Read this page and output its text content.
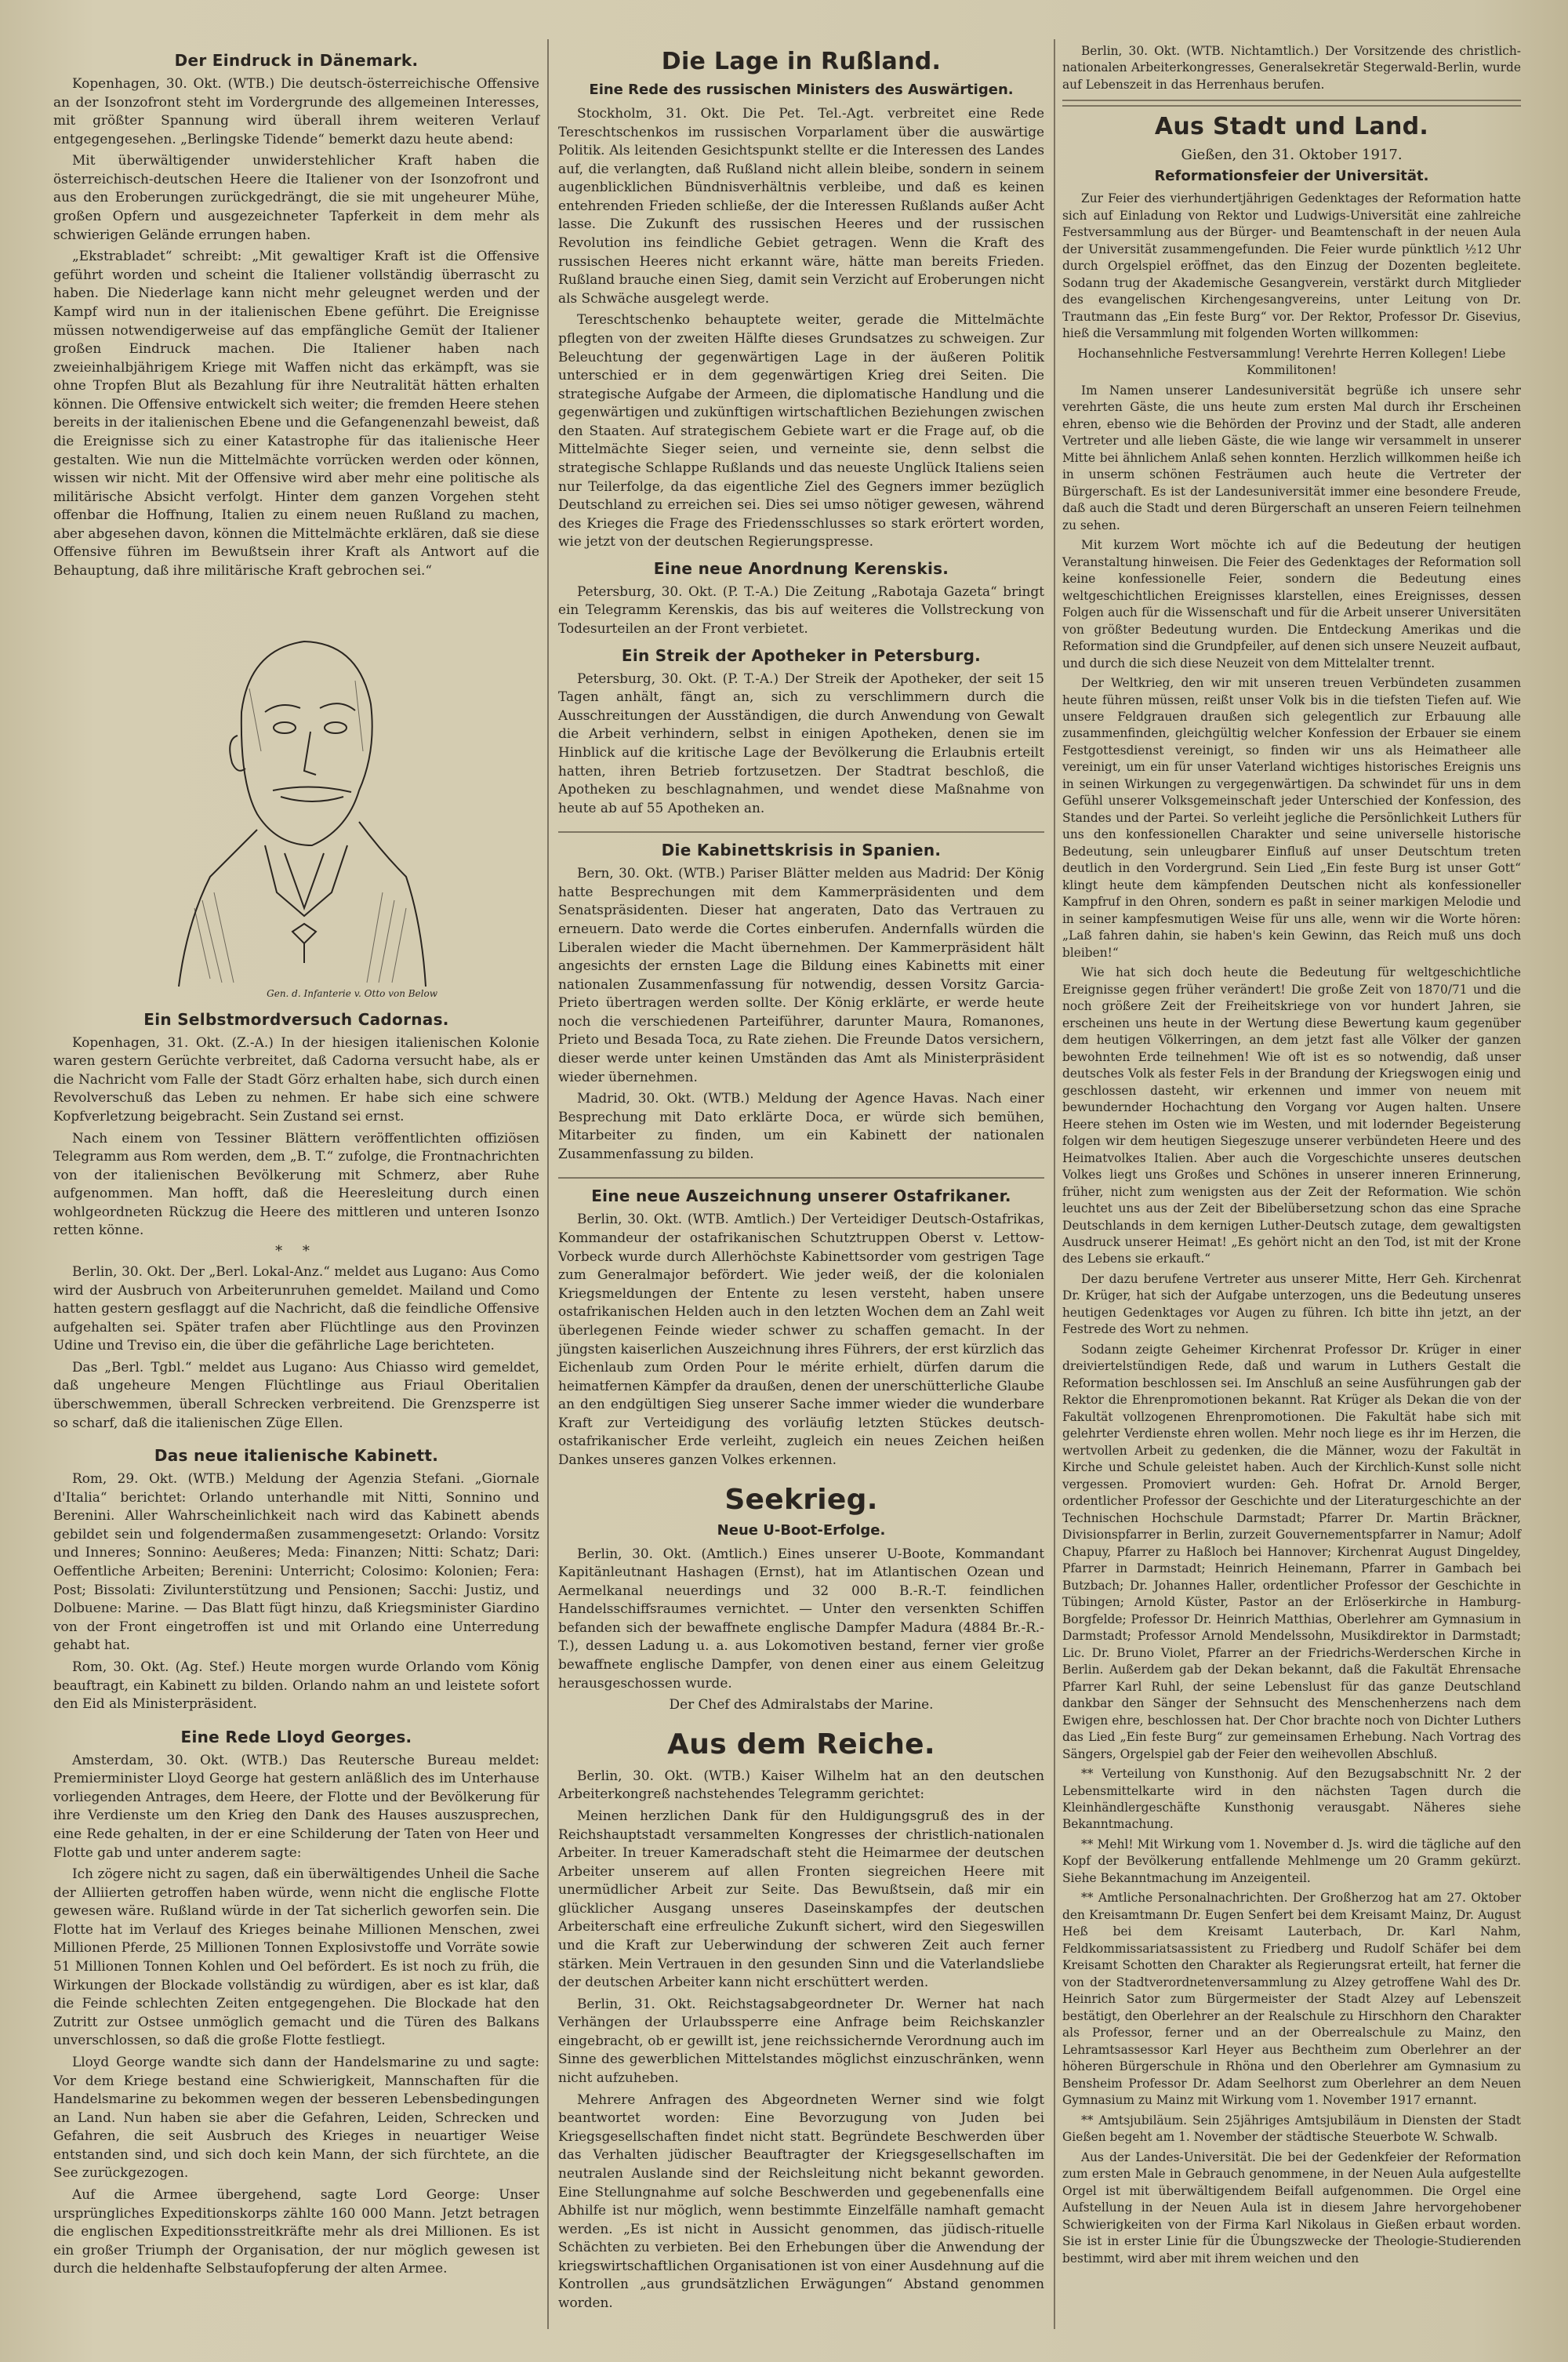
Der Eindruck in Dänemark.

Kopenhagen, 30. Okt. (WTB.) Die deutsch-österreichische Offensive an der Isonzofront steht im Vordergrunde des allgemeinen Interesses, mit größter Spannung wird überall ihrem weiteren Verlauf entgegengesehen. „Berlingske Tidende“ bemerkt dazu heute abend:

Mit überwältigender unwiderstehlicher Kraft haben die österreichisch-deutschen Heere die Italiener von der Isonzofront und aus den Eroberungen zurückgedrängt, die sie mit ungeheurer Mühe, großen Opfern und ausgezeichneter Tapferkeit in dem mehr als schwierigen Gelände errungen haben.

„Ekstrabladet“ schreibt: „Mit gewaltiger Kraft ist die Offensive geführt worden und scheint die Italiener vollständig überrascht zu haben. Die Niederlage kann nicht mehr geleugnet werden und der Kampf wird nun in der italienischen Ebene geführt. Die Ereignisse müssen notwendigerweise auf das empfängliche Gemüt der Italiener großen Eindruck machen. Die Italiener haben nach zweieinhalbjährigem Kriege mit Waffen nicht das erkämpft, was sie ohne Tropfen Blut als Bezahlung für ihre Neutralität hätten erhalten können. Die Offensive entwickelt sich weiter; die fremden Heere stehen bereits in der italienischen Ebene und die Gefangenenzahl beweist, daß die Ereignisse sich zu einer Katastrophe für das italienische Heer gestalten. Wie nun die Mittelmächte vorrücken werden oder können, wissen wir nicht. Mit der Offensive wird aber mehr eine politische als militärische Absicht verfolgt. Hinter dem ganzen Vorgehen steht offenbar die Hoffnung, Italien zu einem neuen Rußland zu machen, aber abgesehen davon, können die Mittelmächte erklären, daß sie diese Offensive führen im Bewußtsein ihrer Kraft als Antwort auf die Behauptung, daß ihre militärische Kraft gebrochen sei.“

Gen. d. Infanterie v. Otto von Below
Ein Selbstmordversuch Cadornas.

Kopenhagen, 31. Okt. (Z.-A.) In der hiesigen italienischen Kolonie waren gestern Gerüchte verbreitet, daß Cadorna versucht habe, als er die Nachricht vom Falle der Stadt Görz erhalten habe, sich durch einen Revolverschuß das Leben zu nehmen. Er habe sich eine schwere Kopfverletzung beigebracht. Sein Zustand sei ernst.

Nach einem von Tessiner Blättern veröffentlichten offiziösen Telegramm aus Rom werden, dem „B. T.“ zufolge, die Frontnachrichten von der italienischen Bevölkerung mit Schmerz, aber Ruhe aufgenommen. Man hofft, daß die Heeresleitung durch einen wohlgeordneten Rückzug die Heere des mittleren und unteren Isonzo retten könne.

* *

Berlin, 30. Okt. Der „Berl. Lokal-Anz.“ meldet aus Lugano: Aus Como wird der Ausbruch von Arbeiterunruhen gemeldet. Mailand und Como hatten gestern gesflaggt auf die Nachricht, daß die feindliche Offensive aufgehalten sei. Später trafen aber Flüchtlinge aus den Provinzen Udine und Treviso ein, die über die gefährliche Lage berichteten.

Das „Berl. Tgbl.“ meldet aus Lugano: Aus Chiasso wird gemeldet, daß ungeheure Mengen Flüchtlinge aus Friaul Oberitalien überschwemmen, überall Schrecken verbreitend. Die Grenzsperre ist so scharf, daß die italienischen Züge Ellen.

Das neue italienische Kabinett.

Rom, 29. Okt. (WTB.) Meldung der Agenzia Stefani. „Giornale d'Italia“ berichtet: Orlando unterhandle mit Nitti, Sonnino und Berenini. Aller Wahrscheinlichkeit nach wird das Kabinett abends gebildet sein und folgendermaßen zusammengesetzt: Orlando: Vorsitz und Inneres; Sonnino: Aeußeres; Meda: Finanzen; Nitti: Schatz; Dari: Oeffentliche Arbeiten; Berenini: Unterricht; Colosimo: Kolonien; Fera: Post; Bissolati: Zivilunterstützung und Pensionen; Sacchi: Justiz, und Dolbuene: Marine. — Das Blatt fügt hinzu, daß Kriegsminister Giardino von der Front eingetroffen ist und mit Orlando eine Unterredung gehabt hat.

Rom, 30. Okt. (Ag. Stef.) Heute morgen wurde Orlando vom König beauftragt, ein Kabinett zu bilden. Orlando nahm an und leistete sofort den Eid als Ministerpräsident.

Eine Rede Lloyd Georges.

Amsterdam, 30. Okt. (WTB.) Das Reutersche Bureau meldet: Premierminister Lloyd George hat gestern anläßlich des im Unterhause vorliegenden Antrages, dem Heere, der Flotte und der Bevölkerung für ihre Verdienste um den Krieg den Dank des Hauses auszusprechen, eine Rede gehalten, in der er eine Schilderung der Taten von Heer und Flotte gab und unter anderem sagte:

Ich zögere nicht zu sagen, daß ein überwältigendes Unheil die Sache der Alliierten getroffen haben würde, wenn nicht die englische Flotte gewesen wäre. Rußland würde in der Tat sicherlich geworfen sein. Die Flotte hat im Verlauf des Krieges beinahe Millionen Menschen, zwei Millionen Pferde, 25 Millionen Tonnen Explosivstoffe und Vorräte sowie 51 Millionen Tonnen Kohlen und Oel befördert. Es ist noch zu früh, die Wirkungen der Blockade vollständig zu würdigen, aber es ist klar, daß die Feinde schlechten Zeiten entgegengehen. Die Blockade hat den Zutritt zur Ostsee unmöglich gemacht und die Türen des Balkans unverschlossen, so daß die große Flotte festliegt.

Lloyd George wandte sich dann der Handelsmarine zu und sagte: Vor dem Kriege bestand eine Schwierigkeit, Mannschaften für die Handelsmarine zu bekommen wegen der besseren Lebensbedingungen an Land. Nun haben sie aber die Gefahren, Leiden, Schrecken und Gefahren, die seit Ausbruch des Krieges in neuartiger Weise entstanden sind, und sich doch kein Mann, der sich fürchtete, an die See zurückgezogen.

Auf die Armee übergehend, sagte Lord George: Unser ursprüngliches Expeditionskorps zählte 160 000 Mann. Jetzt betragen die englischen Expeditionsstreitkräfte mehr als drei Millionen. Es ist ein großer Triumph der Organisation, der nur möglich gewesen ist durch die heldenhafte Selbstaufopferung der alten Armee.

Die Lage in Rußland.
Eine Rede des russischen Ministers des Auswärtigen.

Stockholm, 31. Okt. Die Pet. Tel.-Agt. verbreitet eine Rede Tereschtschenkos im russischen Vorparlament über die auswärtige Politik. Als leitenden Gesichtspunkt stellte er die Interessen des Landes auf, die verlangten, daß Rußland nicht allein bleibe, sondern in seinem augenblicklichen Bündnisverhältnis verbleibe, und daß es keinen entehrenden Frieden schließe, der die Interessen Rußlands außer Acht lasse. Die Zukunft des russischen Heeres und der russischen Revolution ins feindliche Gebiet getragen. Wenn die Kraft des russischen Heeres nicht erkannt wäre, hätte man bereits Frieden. Rußland brauche einen Sieg, damit sein Verzicht auf Eroberungen nicht als Schwäche ausgelegt werde.

Tereschtschenko behauptete weiter, gerade die Mittelmächte pflegten von der zweiten Hälfte dieses Grundsatzes zu schweigen. Zur Beleuchtung der gegenwärtigen Lage in der äußeren Politik unterschied er in dem gegenwärtigen Krieg drei Seiten. Die strategische Aufgabe der Armeen, die diplomatische Handlung und die gegenwärtigen und zukünftigen wirtschaftlichen Beziehungen zwischen den Staaten. Auf strategischem Gebiete wart er die Frage auf, ob die Mittelmächte Sieger seien, und verneinte sie, denn selbst die strategische Schlappe Rußlands und das neueste Unglück Italiens seien nur Teilerfolge, da das eigentliche Ziel des Gegners immer bezüglich Deutschland zu erreichen sei. Dies sei umso nötiger gewesen, während des Krieges die Frage des Friedensschlusses so stark erörtert worden, wie jetzt von der deutschen Regierungspresse.

Eine neue Anordnung Kerenskis.

Petersburg, 30. Okt. (P. T.-A.) Die Zeitung „Rabotaja Gazeta“ bringt ein Telegramm Kerenskis, das bis auf weiteres die Vollstreckung von Todesurteilen an der Front verbietet.

Ein Streik der Apotheker in Petersburg.

Petersburg, 30. Okt. (P. T.-A.) Der Streik der Apotheker, der seit 15 Tagen anhält, fängt an, sich zu verschlimmern durch die Ausschreitungen der Ausständigen, die durch Anwendung von Gewalt die Arbeit verhindern, selbst in einigen Apotheken, denen sie im Hinblick auf die kritische Lage der Bevölkerung die Erlaubnis erteilt hatten, ihren Betrieb fortzusetzen. Der Stadtrat beschloß, die Apotheken zu beschlagnahmen, und wendet diese Maßnahme von heute ab auf 55 Apotheken an.

Die Kabinettskrisis in Spanien.

Bern, 30. Okt. (WTB.) Pariser Blätter melden aus Madrid: Der König hatte Besprechungen mit dem Kammerpräsidenten und dem Senatspräsidenten. Dieser hat angeraten, Dato das Vertrauen zu erneuern. Dato werde die Cortes einberufen. Andernfalls würden die Liberalen wieder die Macht übernehmen. Der Kammerpräsident hält angesichts der ernsten Lage die Bildung eines Kabinetts mit einer nationalen Zusammenfassung für notwendig, dessen Vorsitz Garcia-Prieto übertragen werden sollte. Der König erklärte, er werde heute noch die verschiedenen Parteiführer, darunter Maura, Romanones, Prieto und Besada Toca, zu Rate ziehen. Die Freunde Datos versichern, dieser werde unter keinen Umständen das Amt als Ministerpräsident wieder übernehmen.

Madrid, 30. Okt. (WTB.) Meldung der Agence Havas. Nach einer Besprechung mit Dato erklärte Doca, er würde sich bemühen, Mitarbeiter zu finden, um ein Kabinett der nationalen Zusammenfassung zu bilden.

Eine neue Auszeichnung unserer Ostafrikaner.

Berlin, 30. Okt. (WTB. Amtlich.) Der Verteidiger Deutsch-Ostafrikas, Kommandeur der ostafrikanischen Schutztruppen Oberst v. Lettow-Vorbeck wurde durch Allerhöchste Kabinettsorder vom gestrigen Tage zum Generalmajor befördert. Wie jeder weiß, der die kolonialen Kriegsmeldungen der Entente zu lesen versteht, haben unsere ostafrikanischen Helden auch in den letzten Wochen dem an Zahl weit überlegenen Feinde wieder schwer zu schaffen gemacht. In der jüngsten kaiserlichen Auszeichnung ihres Führers, der erst kürzlich das Eichenlaub zum Orden Pour le mérite erhielt, dürfen darum die heimatfernen Kämpfer da draußen, denen der unerschütterliche Glaube an den endgültigen Sieg unserer Sache immer wieder die wunderbare Kraft zur Verteidigung des vorläufig letzten Stückes deutsch-ostafrikanischer Erde verleiht, zugleich ein neues Zeichen heißen Dankes unseres ganzen Volkes erkennen.

Seekrieg.
Neue U-Boot-Erfolge.

Berlin, 30. Okt. (Amtlich.) Eines unserer U-Boote, Kommandant Kapitänleutnant Hashagen (Ernst), hat im Atlantischen Ozean und Aermelkanal neuerdings und 32 000 B.-R.-T. feindlichen Handelsschiffsraumes vernichtet. — Unter den versenkten Schiffen befanden sich der bewaffnete englische Dampfer Madura (4884 Br.-R.-T.), dessen Ladung u. a. aus Lokomotiven bestand, ferner vier große bewaffnete englische Dampfer, von denen einer aus einem Geleitzug herausgeschossen wurde.

Der Chef des Admiralstabs der Marine.

Aus dem Reiche.

Berlin, 30. Okt. (WTB.) Kaiser Wilhelm hat an den deutschen Arbeiterkongreß nachstehendes Telegramm gerichtet:

Meinen herzlichen Dank für den Huldigungsgruß des in der Reichshauptstadt versammelten Kongresses der christlich-nationalen Arbeiter. In treuer Kameradschaft steht die Heimarmee der deutschen Arbeiter unserem auf allen Fronten siegreichen Heere mit unermüdlicher Arbeit zur Seite. Das Bewußtsein, daß mir ein glücklicher Ausgang unseres Daseinskampfes der deutschen Arbeiterschaft eine erfreuliche Zukunft sichert, wird den Siegeswillen und die Kraft zur Ueberwindung der schweren Zeit auch ferner stärken. Mein Vertrauen in den gesunden Sinn und die Vaterlandsliebe der deutschen Arbeiter kann nicht erschüttert werden.

Berlin, 31. Okt. Reichstagsabgeordneter Dr. Werner hat nach Verhängen der Urlaubssperre eine Anfrage beim Reichskanzler eingebracht, ob er gewillt ist, jene reichssichernde Verordnung auch im Sinne des gewerblichen Mittelstandes möglichst einzuschränken, wenn nicht aufzuheben.

Mehrere Anfragen des Abgeordneten Werner sind wie folgt beantwortet worden: Eine Bevorzugung von Juden bei Kriegsgesellschaften findet nicht statt. Begründete Beschwerden über das Verhalten jüdischer Beauftragter der Kriegsgesellschaften im neutralen Auslande sind der Reichsleitung nicht bekannt geworden. Eine Stellungnahme auf solche Beschwerden und gegebenenfalls eine Abhilfe ist nur möglich, wenn bestimmte Einzelfälle namhaft gemacht werden. „Es ist nicht in Aussicht genommen, das jüdisch-rituelle Schächten zu verbieten. Bei den Erhebungen über die Anwendung der kriegswirtschaftlichen Organisationen ist von einer Ausdehnung auf die Kontrollen „aus grundsätzlichen Erwägungen“ Abstand genommen worden.

Berlin, 30. Okt. (WTB. Nichtamtlich.) Der Vorsitzende des christlich-nationalen Arbeiterkongresses, Generalsekretär Stegerwald-Berlin, wurde auf Lebenszeit in das Herrenhaus berufen.

Aus Stadt und Land.
Gießen, den 31. Oktober 1917.
Reformationsfeier der Universität.

Zur Feier des vierhundertjährigen Gedenktages der Reformation hatte sich auf Einladung von Rektor und Ludwigs-Universität eine zahlreiche Festversammlung aus der Bürger- und Beamtenschaft in der neuen Aula der Universität zusammengefunden. Die Feier wurde pünktlich ½12 Uhr durch Orgelspiel eröffnet, das den Einzug der Dozenten begleitete. Sodann trug der Akademische Gesangverein, verstärkt durch Mitglieder des evangelischen Kirchengesangvereins, unter Leitung von Dr. Trautmann das „Ein feste Burg“ vor. Der Rektor, Professor Dr. Gisevius, hieß die Versammlung mit folgenden Worten willkommen:

Hochansehnliche Festversammlung! Verehrte Herren Kollegen! Liebe Kommilitonen!

Im Namen unserer Landesuniversität begrüße ich unsere sehr verehrten Gäste, die uns heute zum ersten Mal durch ihr Erscheinen ehren, ebenso wie die Behörden der Provinz und der Stadt, alle anderen Vertreter und alle lieben Gäste, die wie lange wir versammelt in unserer Mitte bei ähnlichem Anlaß sehen konnten. Herzlich willkommen heiße ich in unserm schönen Festräumen auch heute die Vertreter der Bürgerschaft. Es ist der Landesuniversität immer eine besondere Freude, daß auch die Stadt und deren Bürgerschaft an unseren Feiern teilnehmen zu sehen.

Mit kurzem Wort möchte ich auf die Bedeutung der heutigen Veranstaltung hinweisen. Die Feier des Gedenktages der Reformation soll keine konfessionelle Feier, sondern die Bedeutung eines weltgeschichtlichen Ereignisses klarstellen, eines Ereignisses, dessen Folgen auch für die Wissenschaft und für die Arbeit unserer Universitäten von größter Bedeutung wurden. Die Entdeckung Amerikas und die Reformation sind die Grundpfeiler, auf denen sich unsere Neuzeit aufbaut, und durch die sich diese Neuzeit von dem Mittelalter trennt.

Der Weltkrieg, den wir mit unseren treuen Verbündeten zusammen heute führen müssen, reißt unser Volk bis in die tiefsten Tiefen auf. Wie unsere Feldgrauen draußen sich gelegentlich zur Erbauung alle zusammenfinden, gleichgültig welcher Konfession der Erbauer sie einem Festgottesdienst vereinigt, so finden wir uns als Heimatheer alle vereinigt, um ein für unser Vaterland wichtiges historisches Ereignis uns in seinen Wirkungen zu vergegenwärtigen. Da schwindet für uns in dem Gefühl unserer Volksgemeinschaft jeder Unterschied der Konfession, des Standes und der Partei. So verleiht jegliche die Persönlichkeit Luthers für uns den konfessionellen Charakter und seine universelle historische Bedeutung, sein unleugbarer Einfluß auf unser Deutschtum treten deutlich in den Vordergrund. Sein Lied „Ein feste Burg ist unser Gott“ klingt heute dem kämpfenden Deutschen nicht als konfessioneller Kampfruf in den Ohren, sondern es paßt in seiner markigen Melodie und in seiner kampfesmutigen Weise für uns alle, wenn wir die Worte hören: „Laß fahren dahin, sie haben's kein Gewinn, das Reich muß uns doch bleiben!“

Wie hat sich doch heute die Bedeutung für weltgeschichtliche Ereignisse gegen früher verändert! Die große Zeit von 1870/71 und die noch größere Zeit der Freiheitskriege von vor hundert Jahren, sie erscheinen uns heute in der Wertung diese Bewertung kaum gegenüber dem heutigen Völkerringen, an dem jetzt fast alle Völker der ganzen bewohnten Erde teilnehmen! Wie oft ist es so notwendig, daß unser deutsches Volk als fester Fels in der Brandung der Kriegswogen einig und geschlossen dasteht, wir erkennen und immer von neuem mit bewundernder Hochachtung den Vorgang vor Augen halten. Unsere Heere stehen im Osten wie im Westen, und mit lodernder Begeisterung folgen wir dem heutigen Siegeszuge unserer verbündeten Heere und des Heimatvolkes Italien. Aber auch die Vorgeschichte unseres deutschen Volkes liegt uns Großes und Schönes in unserer inneren Erinnerung, früher, nicht zum wenigsten aus der Zeit der Reformation. Wie schön leuchtet uns aus der Zeit der Bibelübersetzung schon das eine Sprache Deutschlands in dem kernigen Luther-Deutsch zutage, dem gewaltigsten Ausdruck unserer Heimat! „Es gehört nicht an den Tod, ist mit der Krone des Lebens sie erkauft.“

Der dazu berufene Vertreter aus unserer Mitte, Herr Geh. Kirchenrat Dr. Krüger, hat sich der Aufgabe unterzogen, uns die Bedeutung unseres heutigen Gedenktages vor Augen zu führen. Ich bitte ihn jetzt, an der Festrede des Wort zu nehmen.

Sodann zeigte Geheimer Kirchenrat Professor Dr. Krüger in einer dreiviertelstündigen Rede, daß und warum in Luthers Gestalt die Reformation beschlossen sei. Im Anschluß an seine Ausführungen gab der Rektor die Ehrenpromotionen bekannt. Rat Krüger als Dekan die von der Fakultät vollzogenen Ehrenpromotionen. Die Fakultät habe sich mit gelehrter Verdienste ehren wollen. Mehr noch liege es ihr im Herzen, die wertvollen Arbeit zu gedenken, die die Männer, wozu der Fakultät in Kirche und Schule geleistet haben. Auch der Kirchlich-Kunst solle nicht vergessen. Promoviert wurden: Geh. Hofrat Dr. Arnold Berger, ordentlicher Professor der Geschichte und der Literaturgeschichte an der Technischen Hochschule Darmstadt; Pfarrer Dr. Martin Bräckner, Divisionspfarrer in Berlin, zurzeit Gouvernementspfarrer in Namur; Adolf Chapuy, Pfarrer zu Haßloch bei Hannover; Kirchenrat August Dingeldey, Pfarrer in Darmstadt; Heinrich Heinemann, Pfarrer in Gambach bei Butzbach; Dr. Johannes Haller, ordentlicher Professor der Geschichte in Tübingen; Arnold Küster, Pastor an der Erlöserkirche in Hamburg-Borgfelde; Professor Dr. Heinrich Matthias, Oberlehrer am Gymnasium in Darmstadt; Professor Arnold Mendelssohn, Musikdirektor in Darmstadt; Lic. Dr. Bruno Violet, Pfarrer an der Friedrichs-Werderschen Kirche in Berlin. Außerdem gab der Dekan bekannt, daß die Fakultät Ehrensache Pfarrer Karl Ruhl, der seine Lebenslust für das ganze Deutschland dankbar den Sänger der Sehnsucht des Menschenherzens nach dem Ewigen ehre, beschlossen hat. Der Chor brachte noch von Dichter Luthers das Lied „Ein feste Burg“ zur gemeinsamen Erhebung. Nach Vortrag des Sängers, Orgelspiel gab der Feier den weihevollen Abschluß.

** Verteilung von Kunsthonig. Auf den Bezugsabschnitt Nr. 2 der Lebensmittelkarte wird in den nächsten Tagen durch die Kleinhändlergeschäfte Kunsthonig verausgabt. Näheres siehe Bekanntmachung.

** Mehl! Mit Wirkung vom 1. November d. Js. wird die tägliche auf den Kopf der Bevölkerung entfallende Mehlmenge um 20 Gramm gekürzt. Siehe Bekanntmachung im Anzeigenteil.

** Amtliche Personalnachrichten. Der Großherzog hat am 27. Oktober den Kreisamtmann Dr. Eugen Senfert bei dem Kreisamt Mainz, Dr. August Heß bei dem Kreisamt Lauterbach, Dr. Karl Nahm, Feldkommissariatsassistent zu Friedberg und Rudolf Schäfer bei dem Kreisamt Schotten den Charakter als Regierungsrat erteilt, hat ferner die von der Stadtverordnetenversammlung zu Alzey getroffene Wahl des Dr. Heinrich Sator zum Bürgermeister der Stadt Alzey auf Lebenszeit bestätigt, den Oberlehrer an der Realschule zu Hirschhorn den Charakter als Professor, ferner und an der Oberrealschule zu Mainz, den Lehramtsassessor Karl Heyer aus Bechtheim zum Oberlehrer an der höheren Bürgerschule in Rhöna und den Oberlehrer am Gymnasium zu Bensheim Professor Dr. Adam Seelhorst zum Oberlehrer an dem Neuen Gymnasium zu Mainz mit Wirkung vom 1. November 1917 ernannt.

** Amtsjubiläum. Sein 25jähriges Amtsjubiläum in Diensten der Stadt Gießen begeht am 1. November der städtische Steuerbote W. Schwalb.

Aus der Landes-Universität. Die bei der Gedenkfeier der Reformation zum ersten Male in Gebrauch genommene, in der Neuen Aula aufgestellte Orgel ist mit überwältigendem Beifall aufgenommen. Die Orgel eine Aufstellung in der Neuen Aula ist in diesem Jahre hervorgehobener Schwierigkeiten von der Firma Karl Nikolaus in Gießen erbaut worden. Sie ist in erster Linie für die Übungszwecke der Theologie-Studierenden bestimmt, wird aber mit ihrem weichen und den
